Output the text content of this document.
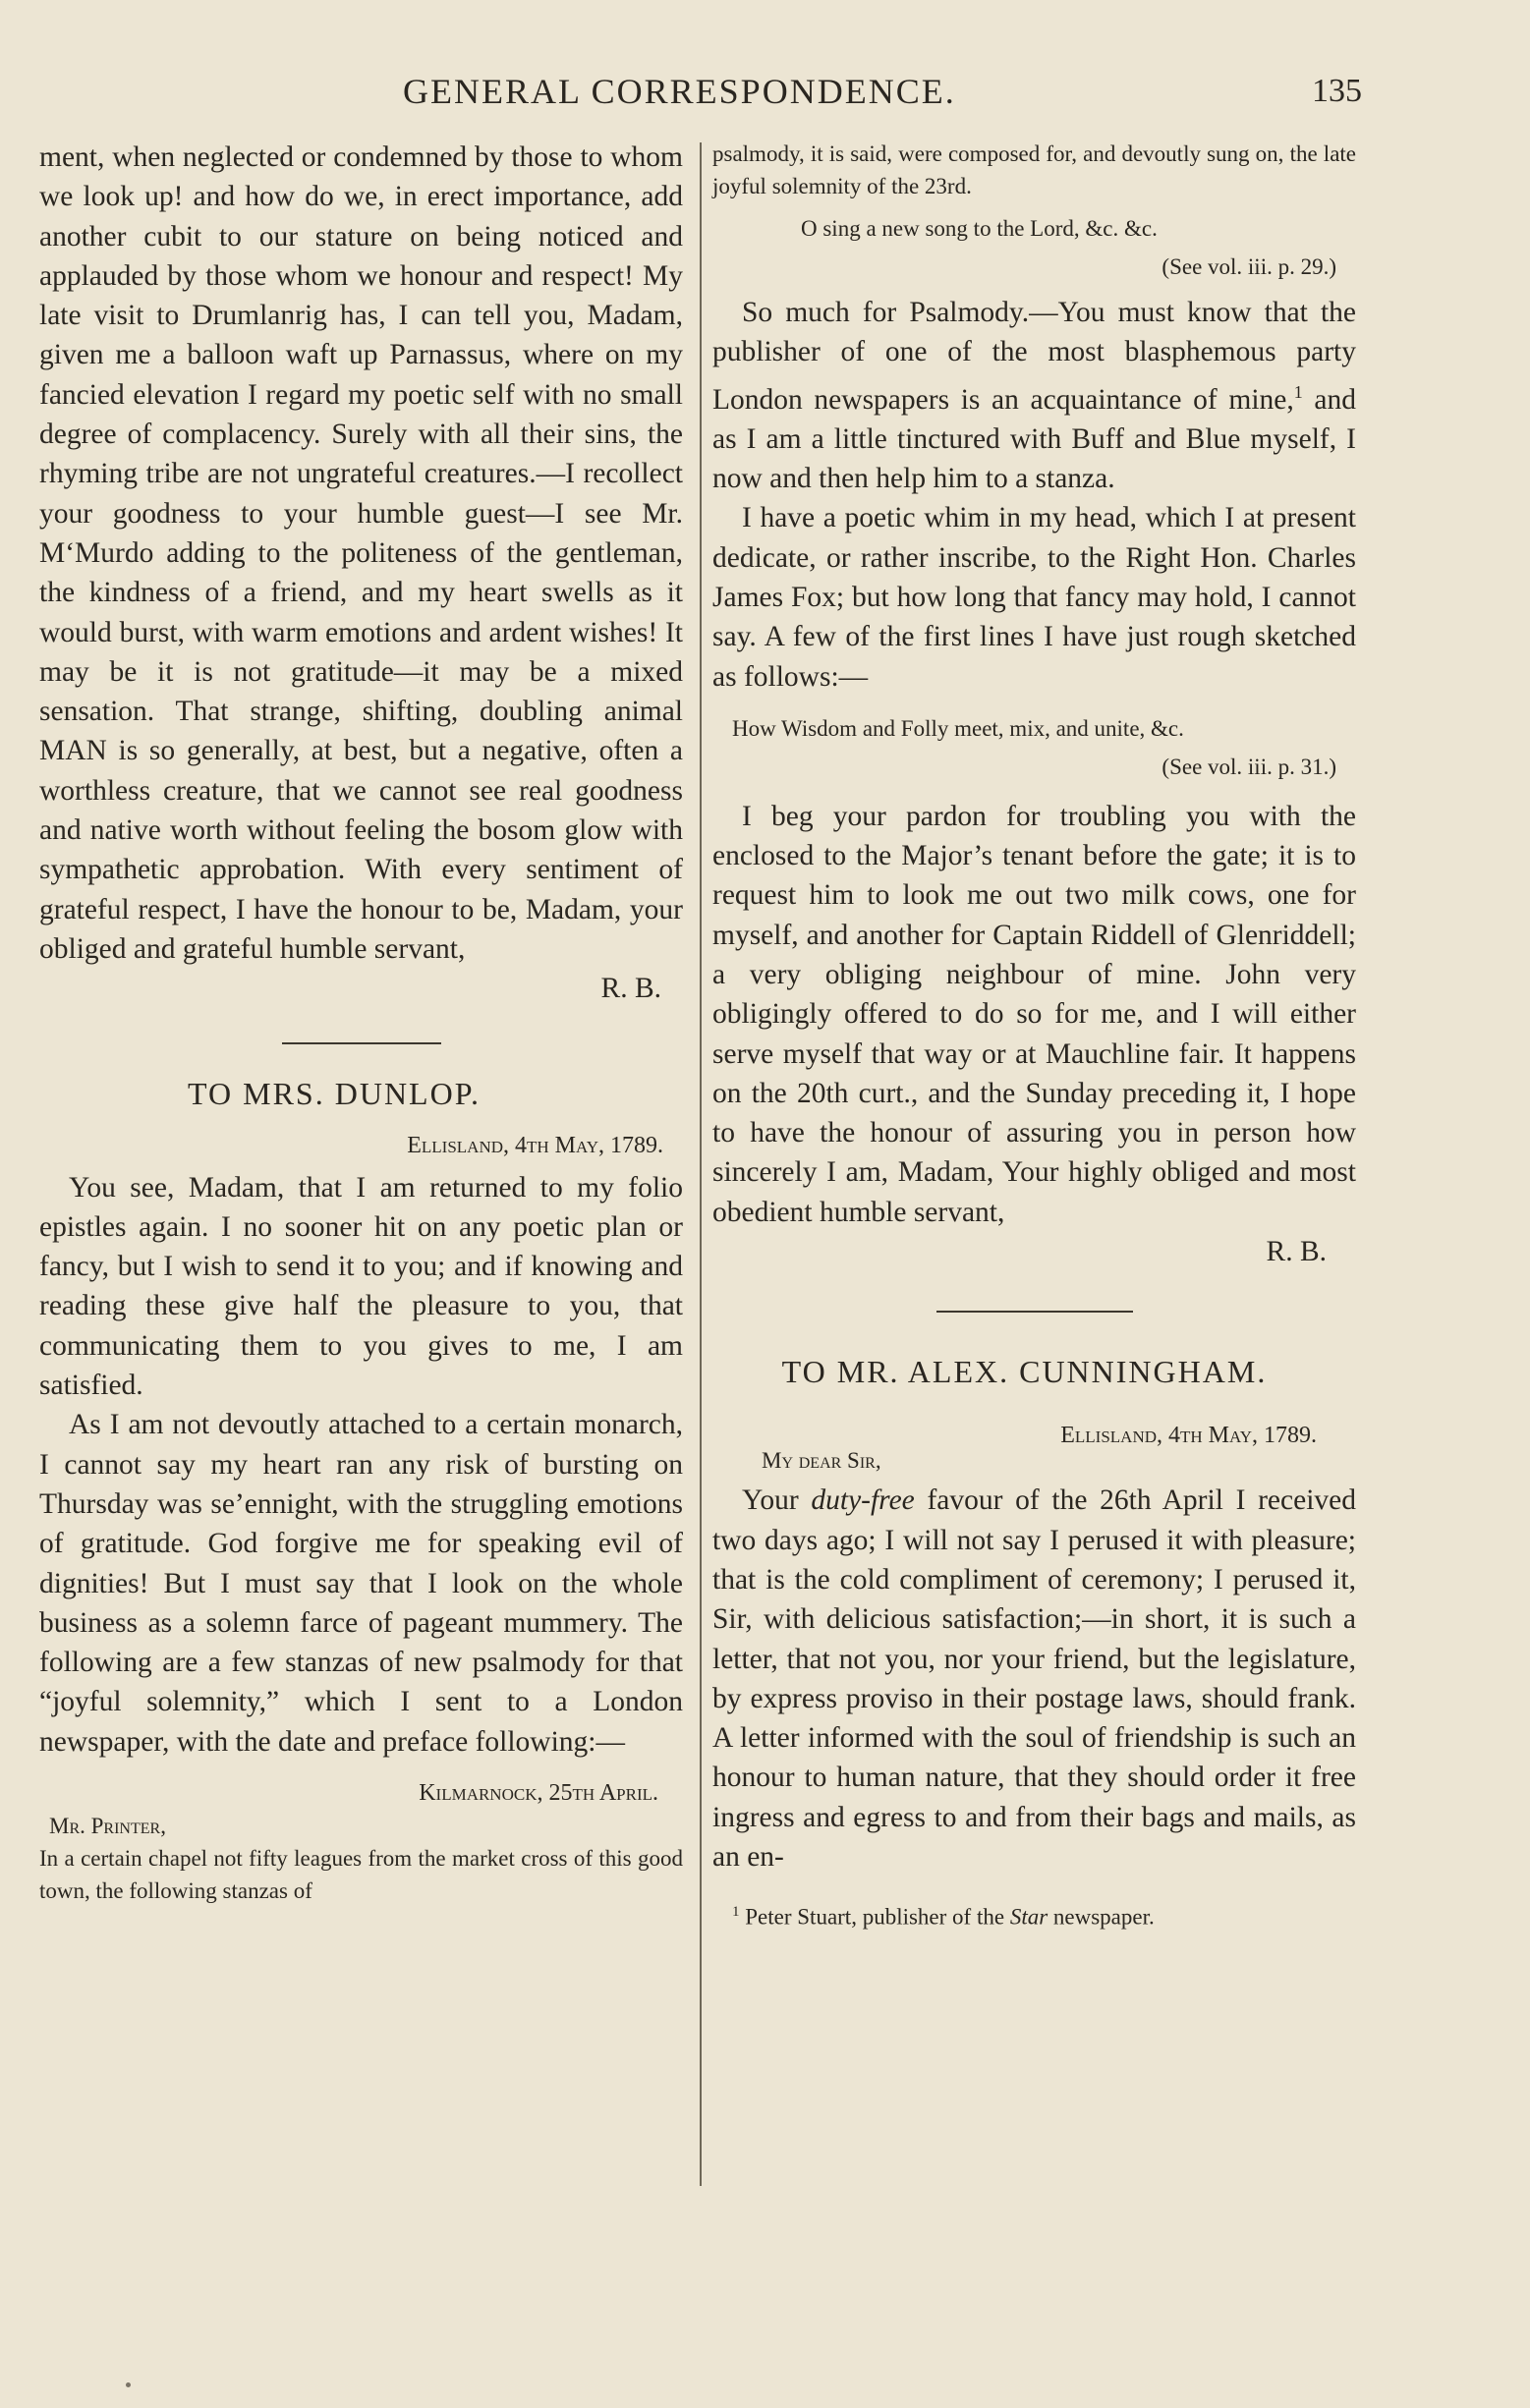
GENERAL CORRESPONDENCE.	135

ment, when neglected or condemned by those to whom we look up! and how do we, in erect importance, add another cubit to our stature on being noticed and applauded by those whom we honour and respect! My late visit to Drumlanrig has, I can tell you, Madam, given me a balloon waft up Parnassus, where on my fancied elevation I regard my poetic self with no small degree of complacency. Surely with all their sins, the rhyming tribe are not ungrateful creatures.—I recollect your goodness to your humble guest—I see Mr. M‘Murdo adding to the politeness of the gentleman, the kindness of a friend, and my heart swells as it would burst, with warm emotions and ardent wishes! It may be it is not gratitude—it may be a mixed sensation. That strange, shifting, doubling animal MAN is so generally, at best, but a negative, often a worthless creature, that we cannot see real goodness and native worth without feeling the bosom glow with sympathetic approbation. With every sentiment of grateful respect, I have the honour to be, Madam, your obliged and grateful humble servant,

R. B.

TO MRS. DUNLOP.

Ellisland, 4th May, 1789.

You see, Madam, that I am returned to my folio epistles again. I no sooner hit on any poetic plan or fancy, but I wish to send it to you; and if knowing and reading these give half the pleasure to you, that communicating them to you gives to me, I am satisfied.

As I am not devoutly attached to a certain monarch, I cannot say my heart ran any risk of bursting on Thursday was se’ennight, with the struggling emotions of gratitude. God forgive me for speaking evil of dignities! But I must say that I look on the whole business as a solemn farce of pageant mummery. The following are a few stanzas of new psalmody for that “joyful solemnity,” which I sent to a London newspaper, with the date and preface following:—

Kilmarnock, 25th April.

Mr. Printer,

In a certain chapel not fifty leagues from the market cross of this good town, the following stanzas of

psalmody, it is said, were composed for, and devoutly sung on, the late joyful solemnity of the 23rd.

O sing a new song to the Lord, &c. &c.

(See vol. iii. p. 29.)

So much for Psalmody.—You must know that the publisher of one of the most blasphemous party London newspapers is an acquaintance of mine,$^1$ and as I am a little tinctured with Buff and Blue myself, I now and then help him to a stanza.

I have a poetic whim in my head, which I at present dedicate, or rather inscribe, to the Right Hon. Charles James Fox; but how long that fancy may hold, I cannot say. A few of the first lines I have just rough sketched as follows:—

How Wisdom and Folly meet, mix, and unite, &c.

(See vol. iii. p. 31.)

I beg your pardon for troubling you with the enclosed to the Major’s tenant before the gate; it is to request him to look me out two milk cows, one for myself, and another for Captain Riddell of Glenriddell; a very obliging neighbour of mine. John very obligingly offered to do so for me, and I will either serve myself that way or at Mauchline fair. It happens on the 20th curt., and the Sunday preceding it, I hope to have the honour of assuring you in person how sincerely I am, Madam, Your highly obliged and most obedient humble servant,

R. B.

TO MR. ALEX. CUNNINGHAM.

Ellisland, 4th May, 1789.

My dear Sir,

Your duty-free favour of the 26th April I received two days ago; I will not say I perused it with pleasure; that is the cold compliment of ceremony; I perused it, Sir, with delicious satisfaction;—in short, it is such a letter, that not you, nor your friend, but the legislature, by express proviso in their postage laws, should frank. A letter informed with the soul of friendship is such an honour to human nature, that they should order it free ingress and egress to and from their bags and mails, as an en-

$^1$ Peter Stuart, publisher of the Star newspaper.
